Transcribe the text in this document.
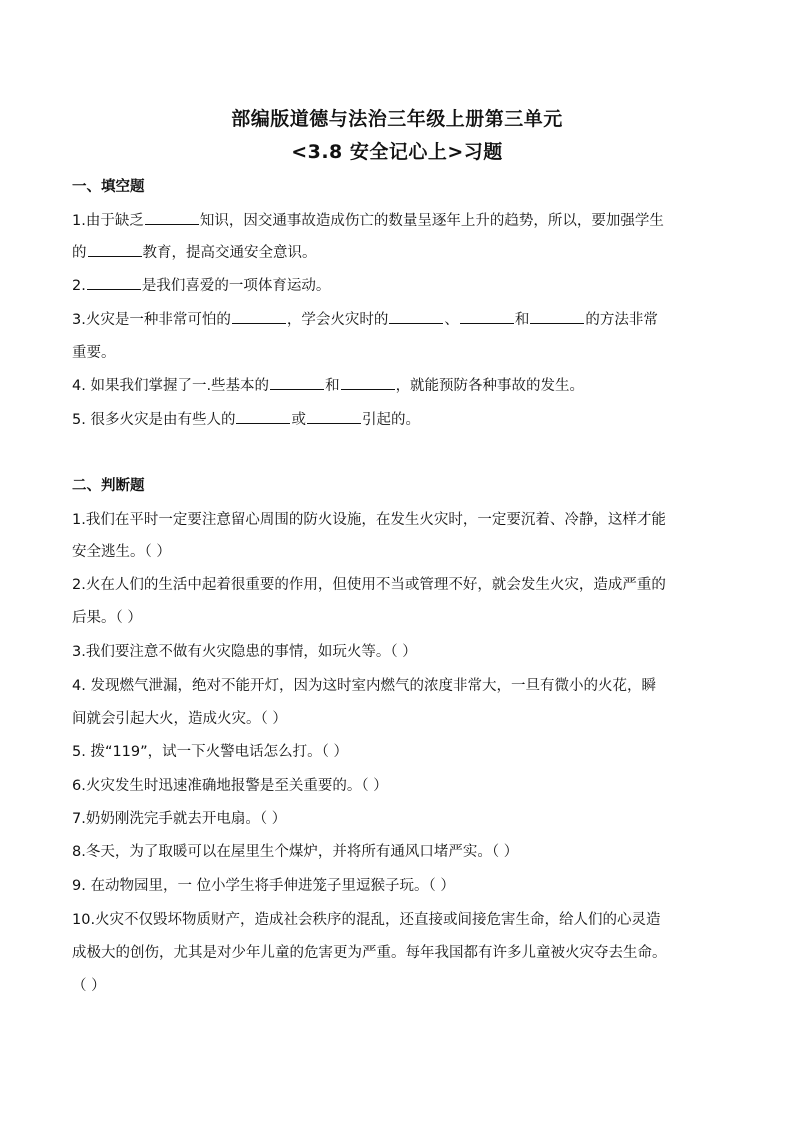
部编版道德与法治三年级上册第三单元
<3.8 安全记心上>习题
一、填空题
1.由于缺乏	知识，因交通事故造成伤亡的数量呈逐年上升的趋势，所以，要加强学生
的	教育，提高交通安全意识。
2.	是我们喜爱的一项体育运动。
3.火灾是一种非常可怕的	，学会火灾时的	、	和	的方法非常
重要。
4. 如果我们掌握了一.些基本的	和	，就能预防各种事故的发生。
5. 很多火灾是由有些人的	或	引起的。
二、判断题
1.我们在平时一定要注意留心周围的防火设施，在发生火灾时，一定要沉着、冷静，这样才能
安全逃生。（ ）
2.火在人们的生活中起着很重要的作用，但使用不当或管理不好，就会发生火灾，造成严重的
后果。（ ）
3.我们要注意不做有火灾隐患的事情，如玩火等。（ ）
4. 发现燃气泄漏，绝对不能开灯，因为这时室内燃气的浓度非常大，一旦有微小的火花，瞬
间就会引起大火，造成火灾。（ ）
5. 拨“119”，试一下火警电话怎么打。（ ）
6.火灾发生时迅速准确地报警是至关重要的。（ ）
7.奶奶刚洗完手就去开电扇。（ ）
8.冬天，为了取暖可以在屋里生个煤炉，并将所有通风口堵严实。（ ）
9. 在动物园里，一 位小学生将手伸进笼子里逗猴子玩。（ ）
10.火灾不仅毁坏物质财产，造成社会秩序的混乱，还直接或间接危害生命，给人们的心灵造
成极大的创伤，尤其是对少年儿童的危害更为严重。每年我国都有许多儿童被火灾夺去生命。
（ ）
